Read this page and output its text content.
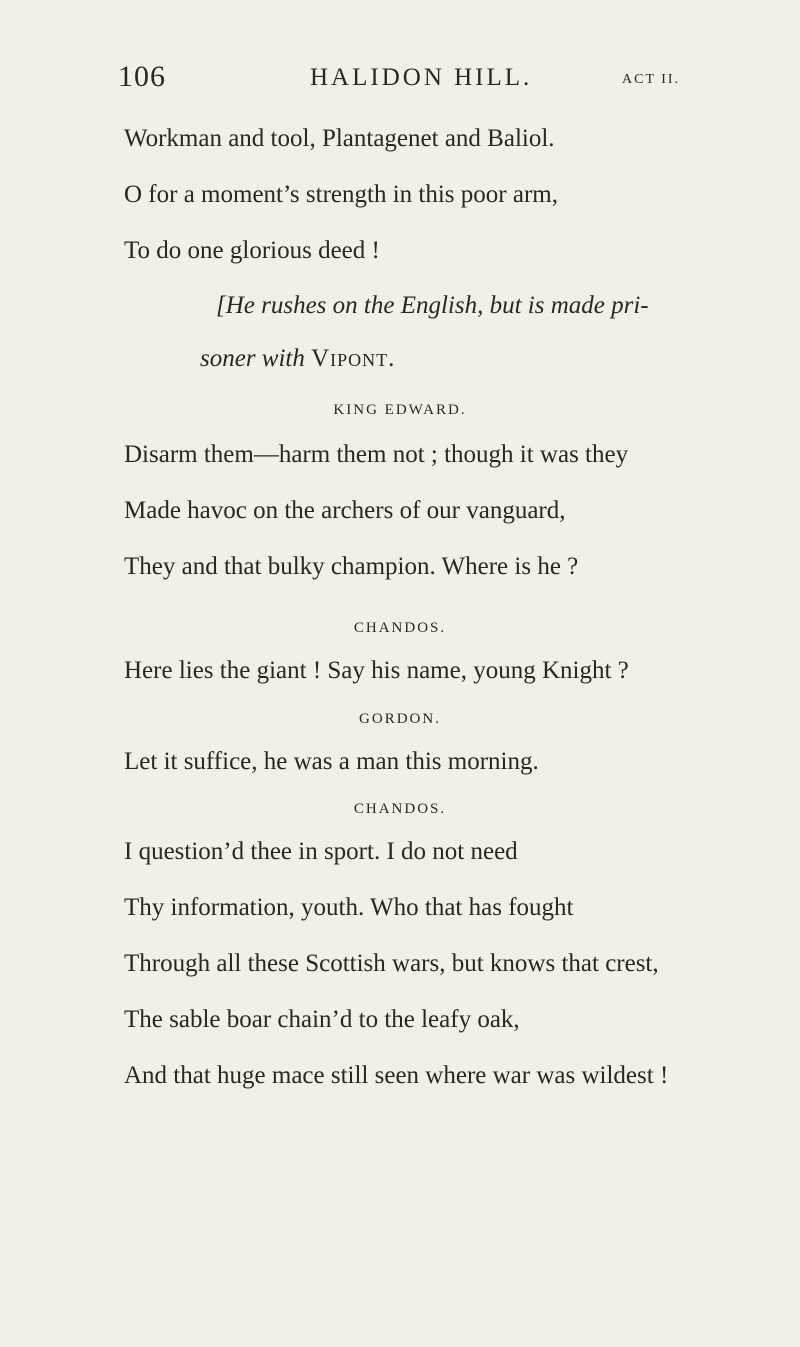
106	HALIDON HILL.	ACT II.
Workman and tool, Plantagenet and Baliol.
O for a moment’s strength in this poor arm,
To do one glorious deed !
[He rushes on the English, but is made pri-
soner with Vipont.
KING EDWARD.
Disarm them—harm them not ; though it was they
Made havoc on the archers of our vanguard,
They and that bulky champion. Where is he ?
CHANDOS.
Here lies the giant ! Say his name, young Knight ?
GORDON.
Let it suffice, he was a man this morning.
CHANDOS.
I question’d thee in sport. I do not need
Thy information, youth. Who that has fought
Through all these Scottish wars, but knows that crest,
The sable boar chain’d to the leafy oak,
And that huge mace still seen where war was wildest !
